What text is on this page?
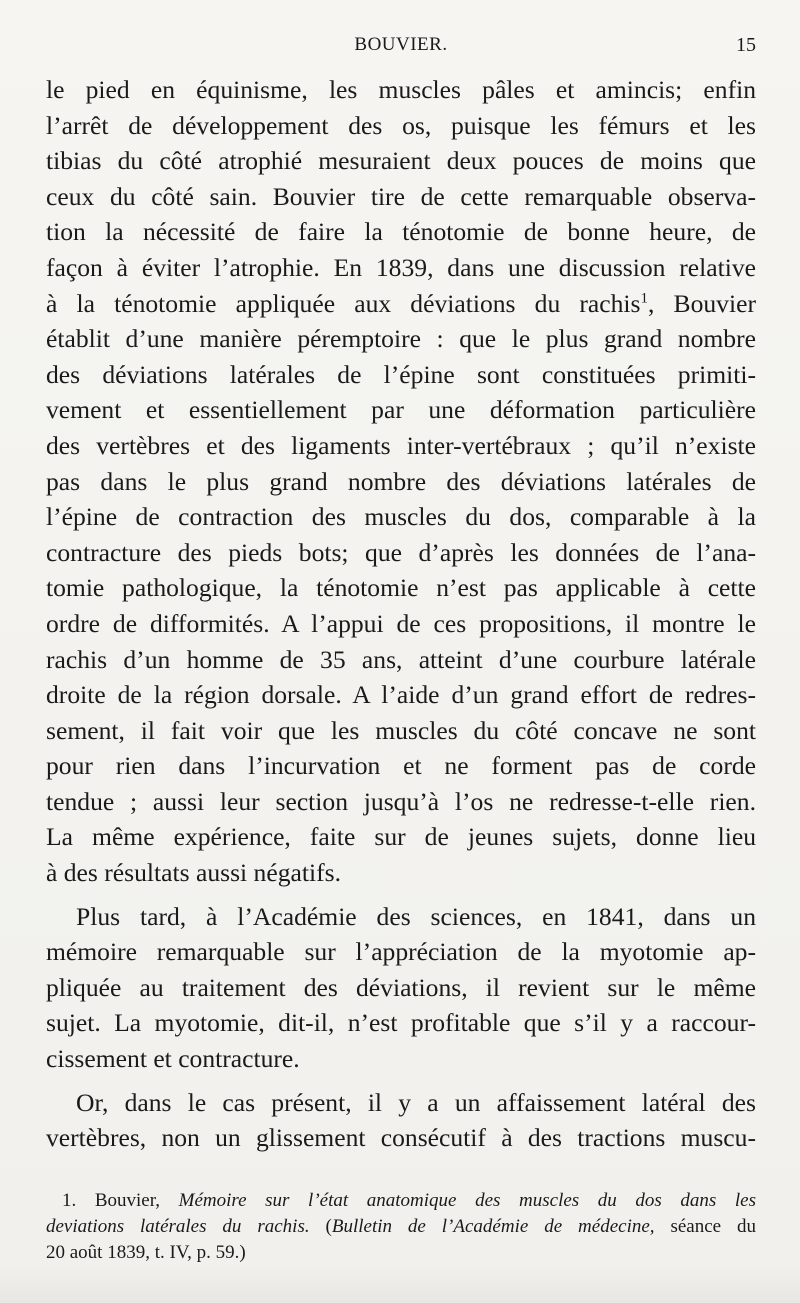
BOUVIER.	15
le pied en équinisme, les muscles pâles et amincis; enfin
l’arrêt de développement des os, puisque les fémurs et les
tibias du côté atrophié mesuraient deux pouces de moins que
ceux du côté sain. Bouvier tire de cette remarquable observa-
tion la nécessité de faire la ténotomie de bonne heure, de
façon à éviter l’atrophie. En 1839, dans une discussion relative
à la ténotomie appliquée aux déviations du rachis$^1$, Bouvier
établit d’une manière péremptoire : que le plus grand nombre
des déviations latérales de l’épine sont constituées primiti-
vement et essentiellement par une déformation particulière
des vertèbres et des ligaments inter-vertébraux ; qu’il n’existe
pas dans le plus grand nombre des déviations latérales de
l’épine de contraction des muscles du dos, comparable à la
contracture des pieds bots; que d’après les données de l’ana-
tomie pathologique, la ténotomie n’est pas applicable à cette
ordre de difformités. A l’appui de ces propositions, il montre le
rachis d’un homme de 35 ans, atteint d’une courbure latérale
droite de la région dorsale. A l’aide d’un grand effort de redres-
sement, il fait voir que les muscles du côté concave ne sont
pour rien dans l’incurvation et ne forment pas de corde
tendue ; aussi leur section jusqu’à l’os ne redresse-t-elle rien.
La même expérience, faite sur de jeunes sujets, donne lieu
à des résultats aussi négatifs.
Plus tard, à l’Académie des sciences, en 1841, dans un
mémoire remarquable sur l’appréciation de la myotomie ap-
pliquée au traitement des déviations, il revient sur le même
sujet. La myotomie, dit-il, n’est profitable que s’il y a raccour-
cissement et contracture.
Or, dans le cas présent, il y a un affaissement latéral des
vertèbres, non un glissement consécutif à des tractions muscu-
1. Bouvier, Mémoire sur l’état anatomique des muscles du dos dans les
deviations latérales du rachis. (Bulletin de l’Académie de médecine, séance du
20 août 1839, t. IV, p. 59.)
